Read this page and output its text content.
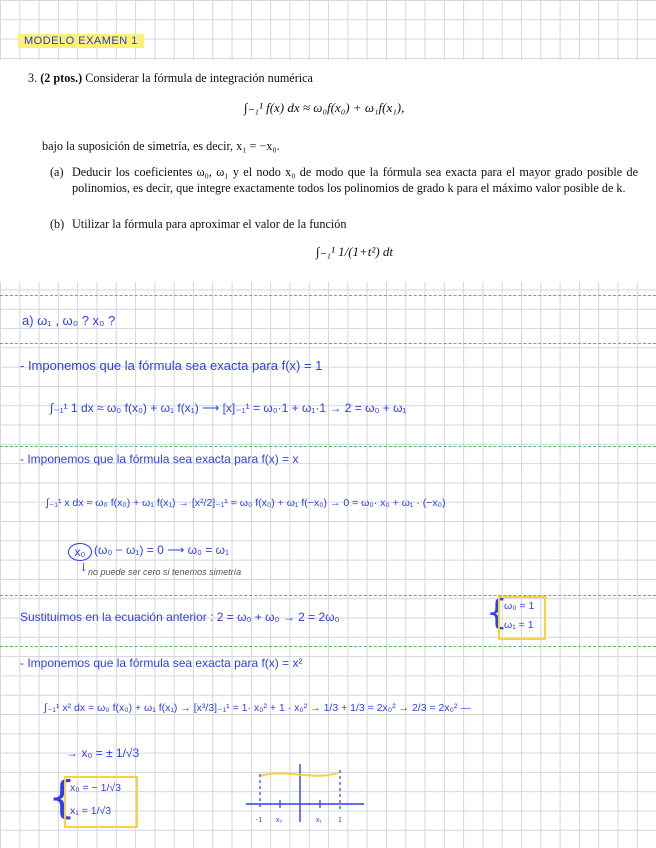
MODELO EXAMEN 1
3. (2 ptos.) Considerar la fórmula de integración numérica
∫₋₁¹ f(x) dx ≈ ω₀f(x₀) + ω₁f(x₁),
bajo la suposición de simetría, es decir, x₁ = −x₀.
(a) Deducir los coeficientes ω₀, ω₁ y el nodo x₀ de modo que la fórmula sea exacta para el mayor grado posible de polinomios, es decir, que integre exactamente todos los polinomios de grado k para el máximo valor posible de k.
(b) Utilizar la fórmula para aproximar el valor de la función
∫₋₁¹ 1/(1+t²) dt
a) ω₁ , ω₀ ? x₀ ?
- Imponemos que la fórmula sea exacta para f(x) = 1
∫₋₁¹ 1 dx ≈ ω₀ f(x₀) + ω₁ f(x₁) ⟶ [x]₋₁¹ = ω₀·1 + ω₁·1 → 2 = ω₀ + ω₁
- Imponemos que la fórmula sea exacta para f(x) = x
∫₋₁¹ x dx ≈ ω₀ f(x₀) + ω₁ f(x₁) → [x²/2]₋₁¹ = ω₀ f(x₀) + ω₁ f(−x₀) → 0 = ω₀· x₀ + ω₁ · (−x₀)
x₀ (ω₀ − ω₁) = 0 ⟶ ω₀ = ω₁
↓ no puede ser cero si tenemos simetría
Sustituimos en la ecuación anterior : 2 = ω₀ + ω₀ → 2 = 2ω₀	{
ω₀ = 1
ω₁ = 1
- Imponemos que la fórmula sea exacta para f(x) = x²
∫₋₁¹ x² dx = ω₀ f(x₀) + ω₁ f(x₁) → [x³/3]₋₁¹ = 1· x₀² + 1 · x₀² → 1/3 + 1/3 = 2x₀² → 2/3 = 2x₀² —
→ x₀ = ± 1/√3
{
x₀ = − 1/√3
x₁ = 1/√3
-1 x₀	x₁ 1
